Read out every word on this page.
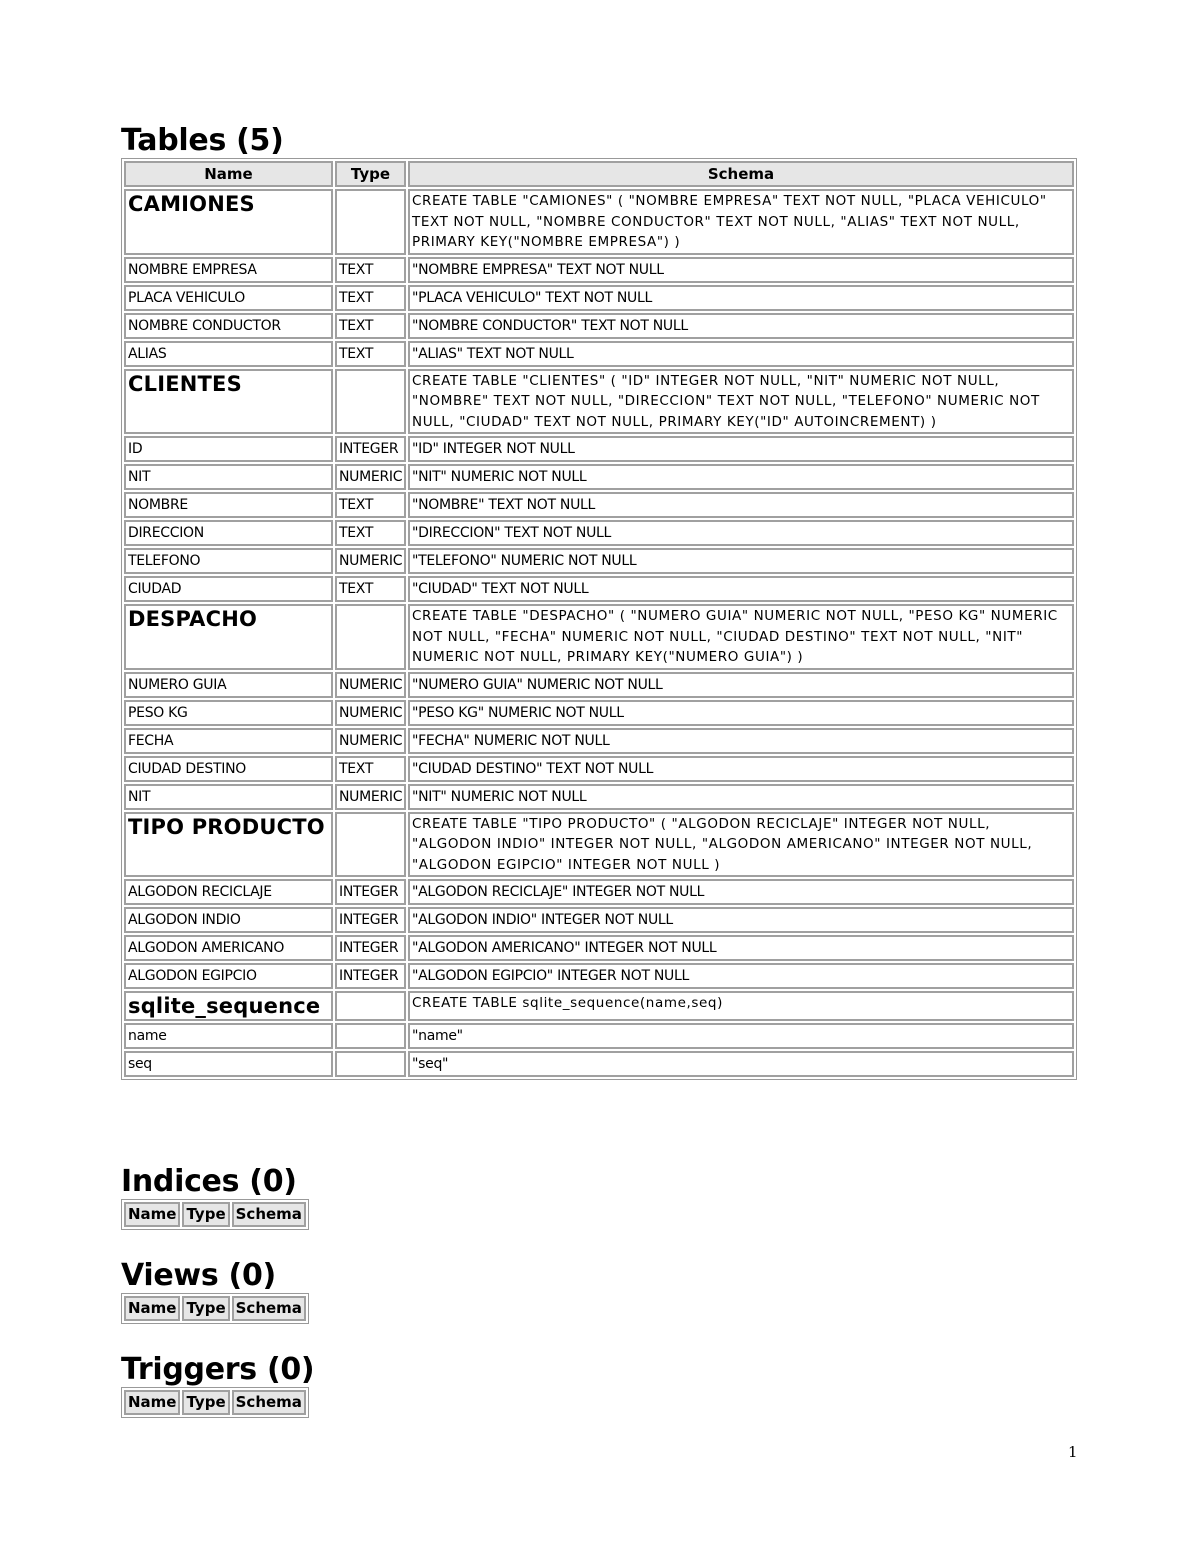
Tables (5)
Name	Type	Schema
CAMIONES		CREATE TABLE "CAMIONES" ( "NOMBRE EMPRESA" TEXT NOT NULL, "PLACA VEHICULO" TEXT NOT NULL, "NOMBRE CONDUCTOR" TEXT NOT NULL, "ALIAS" TEXT NOT NULL, PRIMARY KEY("NOMBRE EMPRESA") )
NOMBRE EMPRESA	TEXT	"NOMBRE EMPRESA" TEXT NOT NULL
PLACA VEHICULO	TEXT	"PLACA VEHICULO" TEXT NOT NULL
NOMBRE CONDUCTOR	TEXT	"NOMBRE CONDUCTOR" TEXT NOT NULL
ALIAS	TEXT	"ALIAS" TEXT NOT NULL
CLIENTES		CREATE TABLE "CLIENTES" ( "ID" INTEGER NOT NULL, "NIT" NUMERIC NOT NULL, "NOMBRE" TEXT NOT NULL, "DIRECCION" TEXT NOT NULL, "TELEFONO" NUMERIC NOT NULL, "CIUDAD" TEXT NOT NULL, PRIMARY KEY("ID" AUTOINCREMENT) )
ID	INTEGER	"ID" INTEGER NOT NULL
NIT	NUMERIC	"NIT" NUMERIC NOT NULL
NOMBRE	TEXT	"NOMBRE" TEXT NOT NULL
DIRECCION	TEXT	"DIRECCION" TEXT NOT NULL
TELEFONO	NUMERIC	"TELEFONO" NUMERIC NOT NULL
CIUDAD	TEXT	"CIUDAD" TEXT NOT NULL
DESPACHO		CREATE TABLE "DESPACHO" ( "NUMERO GUIA" NUMERIC NOT NULL, "PESO KG" NUMERIC NOT NULL, "FECHA" NUMERIC NOT NULL, "CIUDAD DESTINO" TEXT NOT NULL, "NIT" NUMERIC NOT NULL, PRIMARY KEY("NUMERO GUIA") )
NUMERO GUIA	NUMERIC	"NUMERO GUIA" NUMERIC NOT NULL
PESO KG	NUMERIC	"PESO KG" NUMERIC NOT NULL
FECHA	NUMERIC	"FECHA" NUMERIC NOT NULL
CIUDAD DESTINO	TEXT	"CIUDAD DESTINO" TEXT NOT NULL
NIT	NUMERIC	"NIT" NUMERIC NOT NULL
TIPO PRODUCTO		CREATE TABLE "TIPO PRODUCTO" ( "ALGODON RECICLAJE" INTEGER NOT NULL, "ALGODON INDIO" INTEGER NOT NULL, "ALGODON AMERICANO" INTEGER NOT NULL, "ALGODON EGIPCIO" INTEGER NOT NULL )
ALGODON RECICLAJE	INTEGER	"ALGODON RECICLAJE" INTEGER NOT NULL
ALGODON INDIO	INTEGER	"ALGODON INDIO" INTEGER NOT NULL
ALGODON AMERICANO	INTEGER	"ALGODON AMERICANO" INTEGER NOT NULL
ALGODON EGIPCIO	INTEGER	"ALGODON EGIPCIO" INTEGER NOT NULL
sqlite_sequence		CREATE TABLE sqlite_sequence(name,seq)
name		"name"
seq		"seq"
Indices (0)
Name	Type	Schema
Views (0)
Name	Type	Schema
Triggers (0)
Name	Type	Schema
1
